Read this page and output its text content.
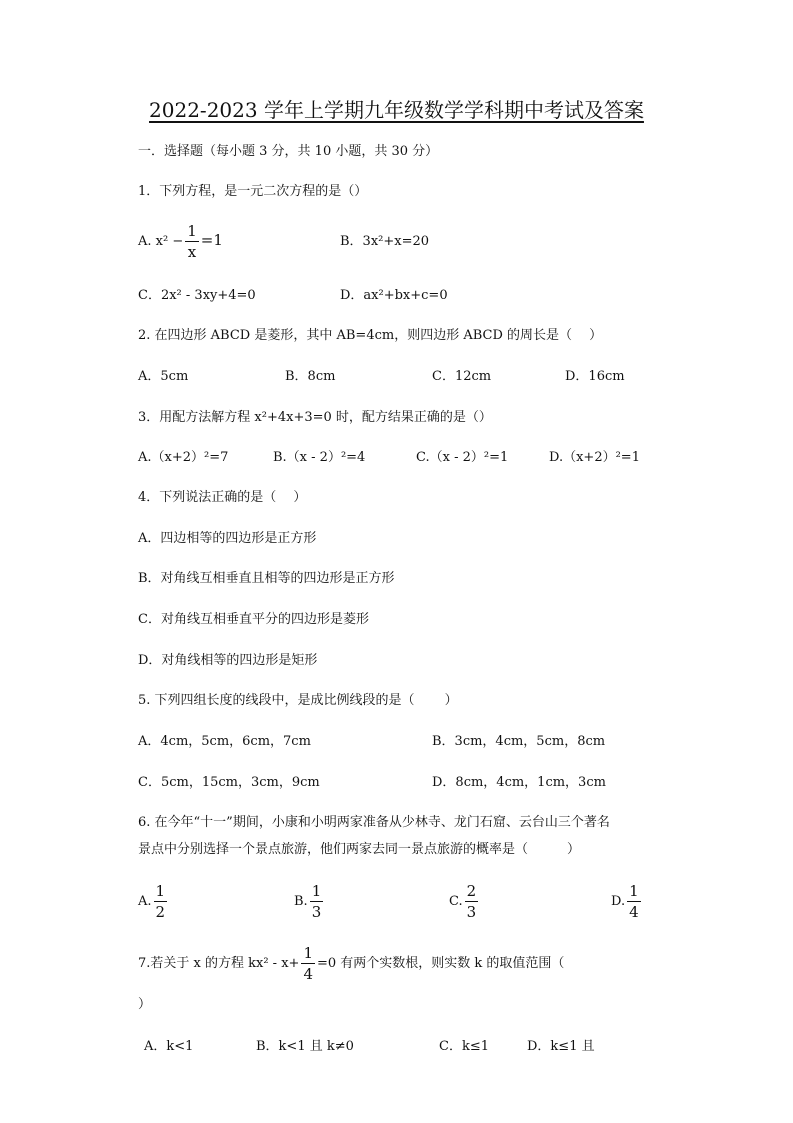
2022-2023 学年上学期九年级数学学科期中考试及答案
一．选择题（每小题 3 分，共 10 小题，共 30 分）
1．下列方程，是一元二次方程的是（）
A. $x^2 - \frac{1}{x} =1$	B．3x²+x=20
C．2x² - 3xy+4=0	D．ax²+bx+c=0
2. 在四边形 ABCD 是菱形，其中 AB=4cm，则四边形 ABCD 的周长是（　 ）
A．5cm	B．8cm	C．12cm	D．16cm
3．用配方法解方程 x²+4x+3=0 时，配方结果正确的是（）
A.（x+2）²=7	B.（x - 2）²=4	C.（x - 2）²=1	D.（x+2）²=1
4．下列说法正确的是（　 ）
A．四边相等的四边形是正方形
B．对角线互相垂直且相等的四边形是正方形
C．对角线互相垂直平分的四边形是菱形
D．对角线相等的四边形是矩形
5. 下列四组长度的线段中，是成比例线段的是（　　 ）
A．4cm，5cm，6cm，7cm	B．3cm，4cm，5cm，8cm
C．5cm，15cm，3cm，9cm	D．8cm，4cm，1cm，3cm
6. 在今年“十一”期间，小康和小明两家准备从少林寺、龙门石窟、云台山三个著名
景点中分别选择一个景点旅游，他们两家去同一景点旅游的概率是（　　　）
A. $\frac{1}{2}$	B. $\frac{1}{3}$	C. $\frac{2}{3}$	D. $\frac{1}{4}$
7.若关于 x 的方程 $kx^2 - x+ \frac{1}{4} =0$ 有两个实数根，则实数 k 的取值范围（
）
A．k<1	B．k<1 且 k≠0	C．k≤1	D．k≤1 且
